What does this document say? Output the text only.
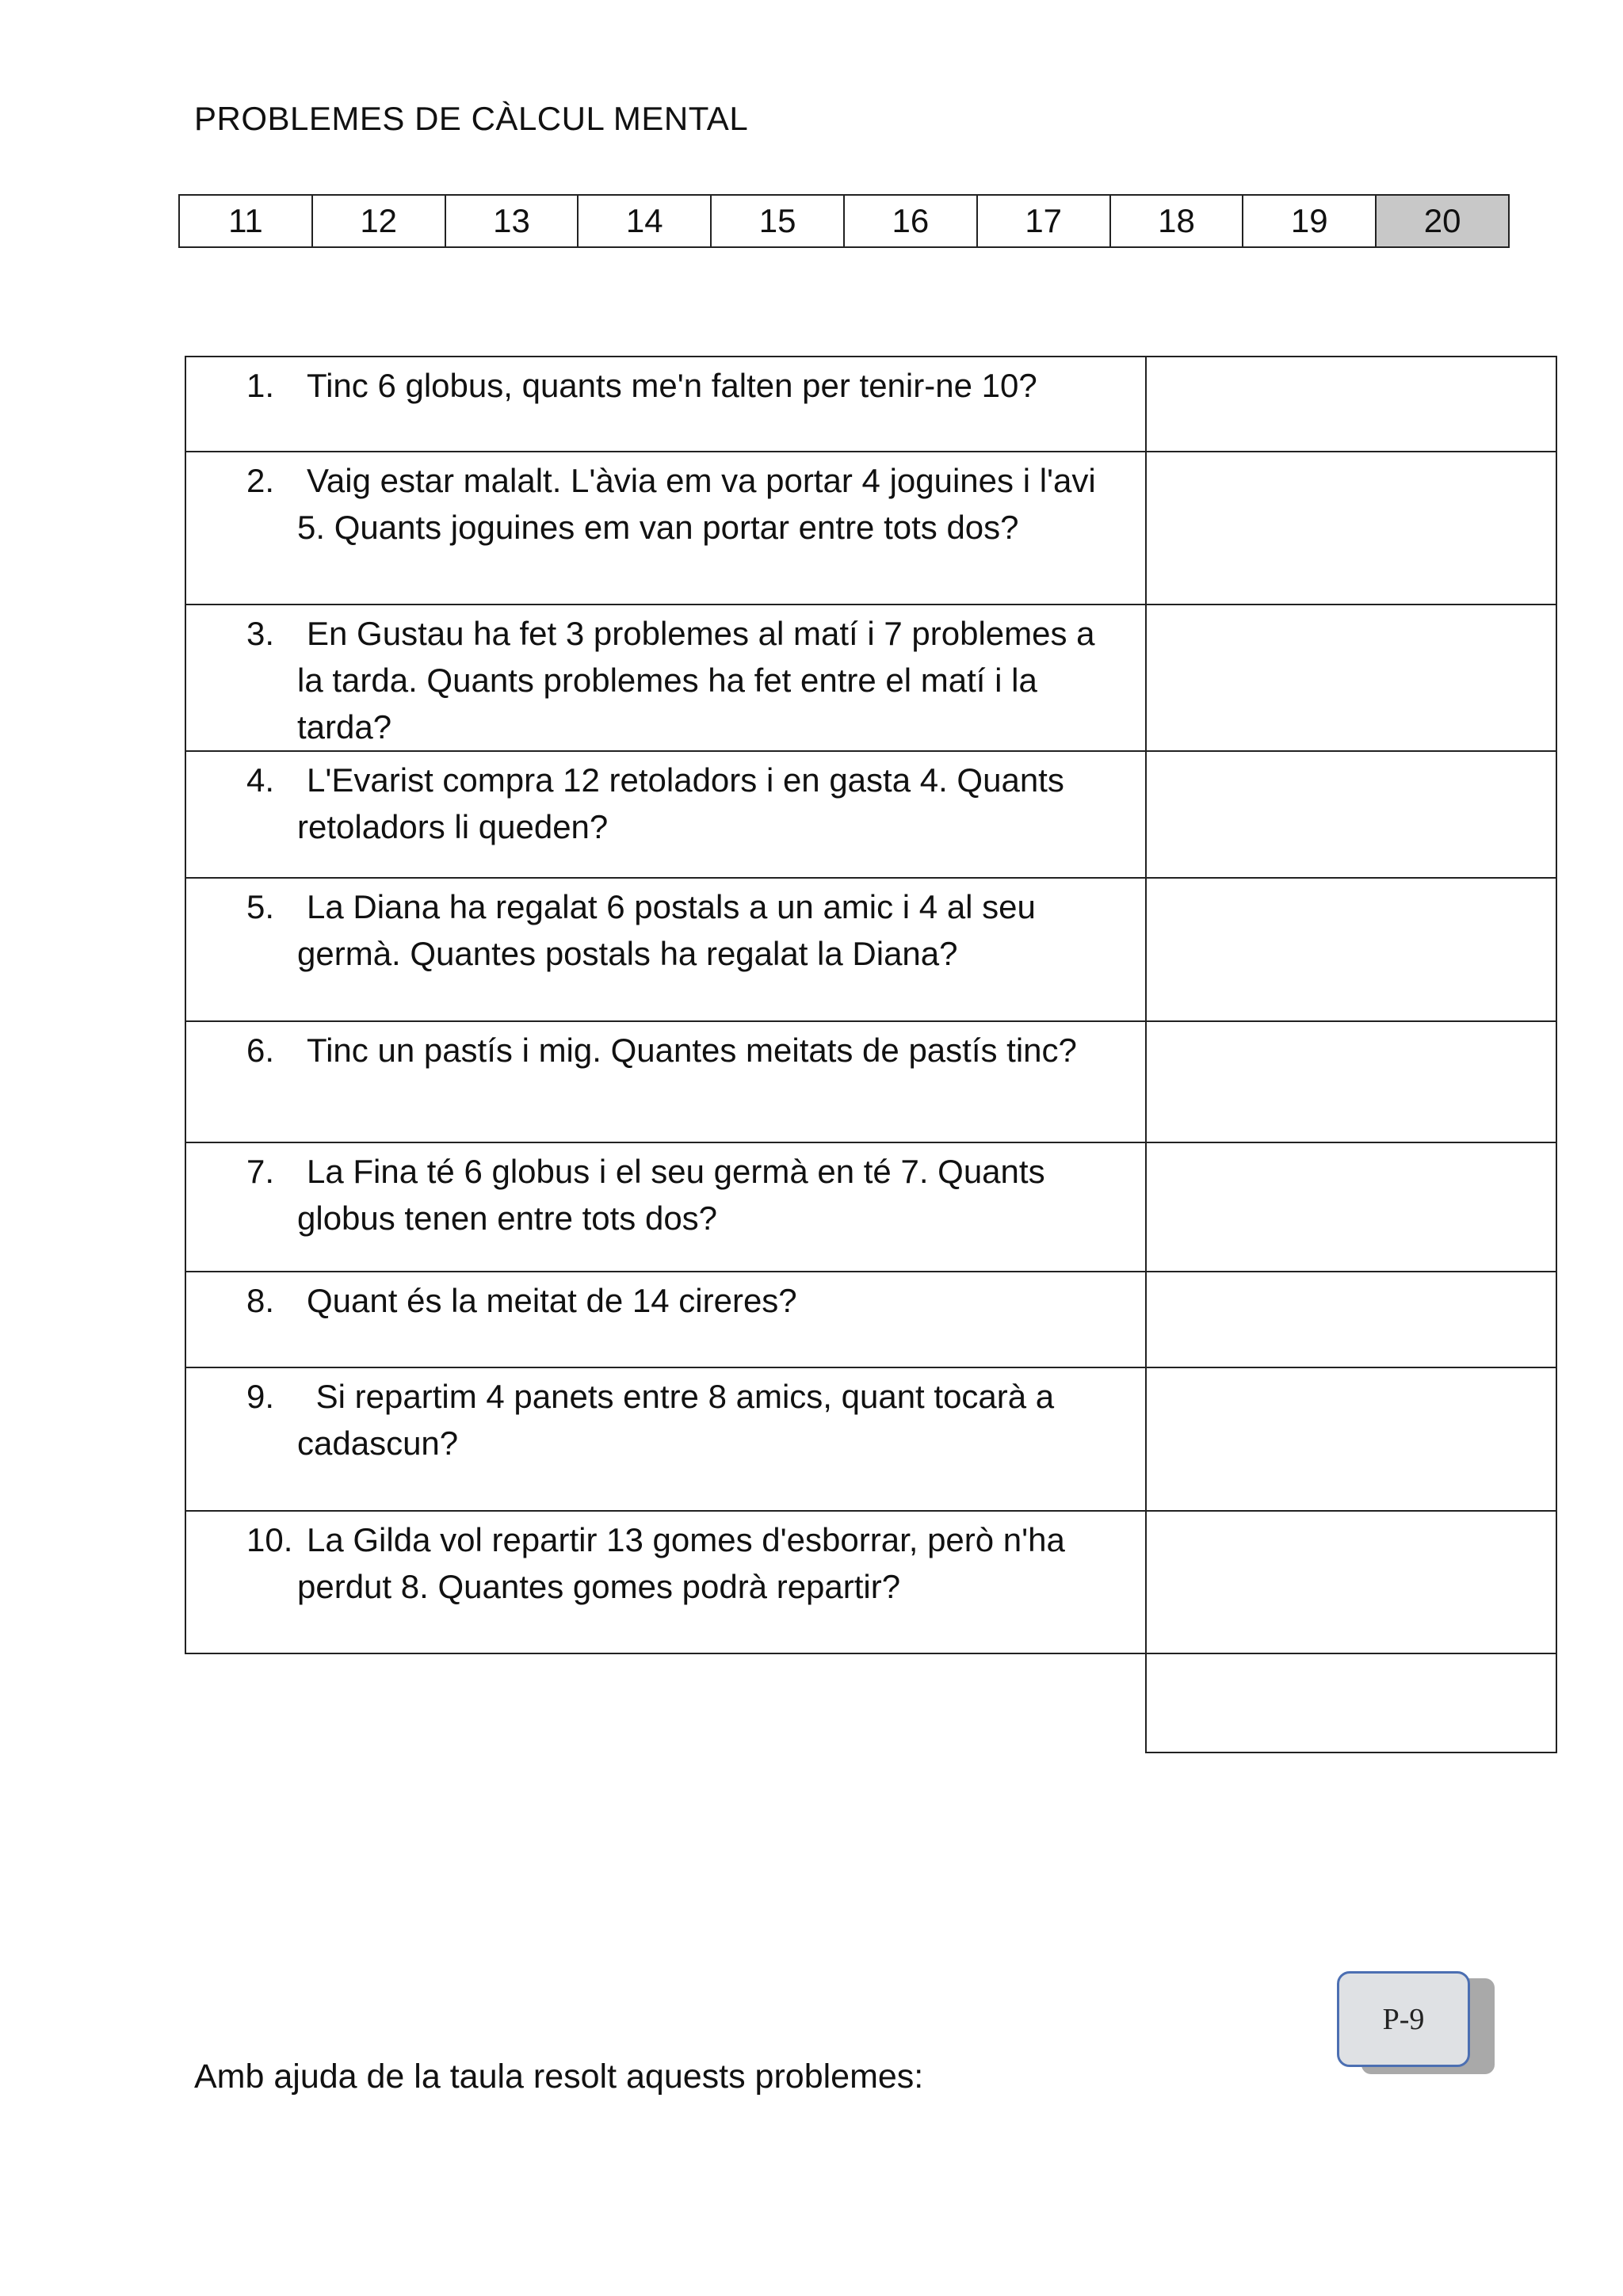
PROBLEMES DE CÀLCUL MENTAL
11	12	13	14	15	16	17	18	19	20
1. Tinc 6 globus, quants me'n falten per tenir-ne 10?	

2. Vaig estar malalt. L'àvia em va portar 4 joguines i l'avi
5. Quants joguines em van portar entre tots dos?	

3. En Gustau ha fet 3 problemes al matí i 7 problemes a
la tarda. Quants problemes ha fet entre el matí i la
tarda?	

4. L'Evarist compra 12 retoladors i en gasta 4. Quants
retoladors li queden?	

5. La Diana ha regalat 6 postals a un amic i 4 al seu
germà. Quantes postals ha regalat la Diana?	

6. Tinc un pastís i mig. Quantes meitats de pastís tinc?	

7. La Fina té 6 globus i el seu germà en té 7. Quants
globus tenen entre tots dos?	

8. Quant és la meitat de 14 cireres?	

9. Si repartim 4 panets entre 8 amics, quant tocarà a
cadascun?	

10. La Gilda vol repartir 13 gomes d'esborrar, però n'ha
perdut 8. Quantes gomes podrà repartir?	

P-9
Amb ajuda de la taula resolt aquests problemes:
